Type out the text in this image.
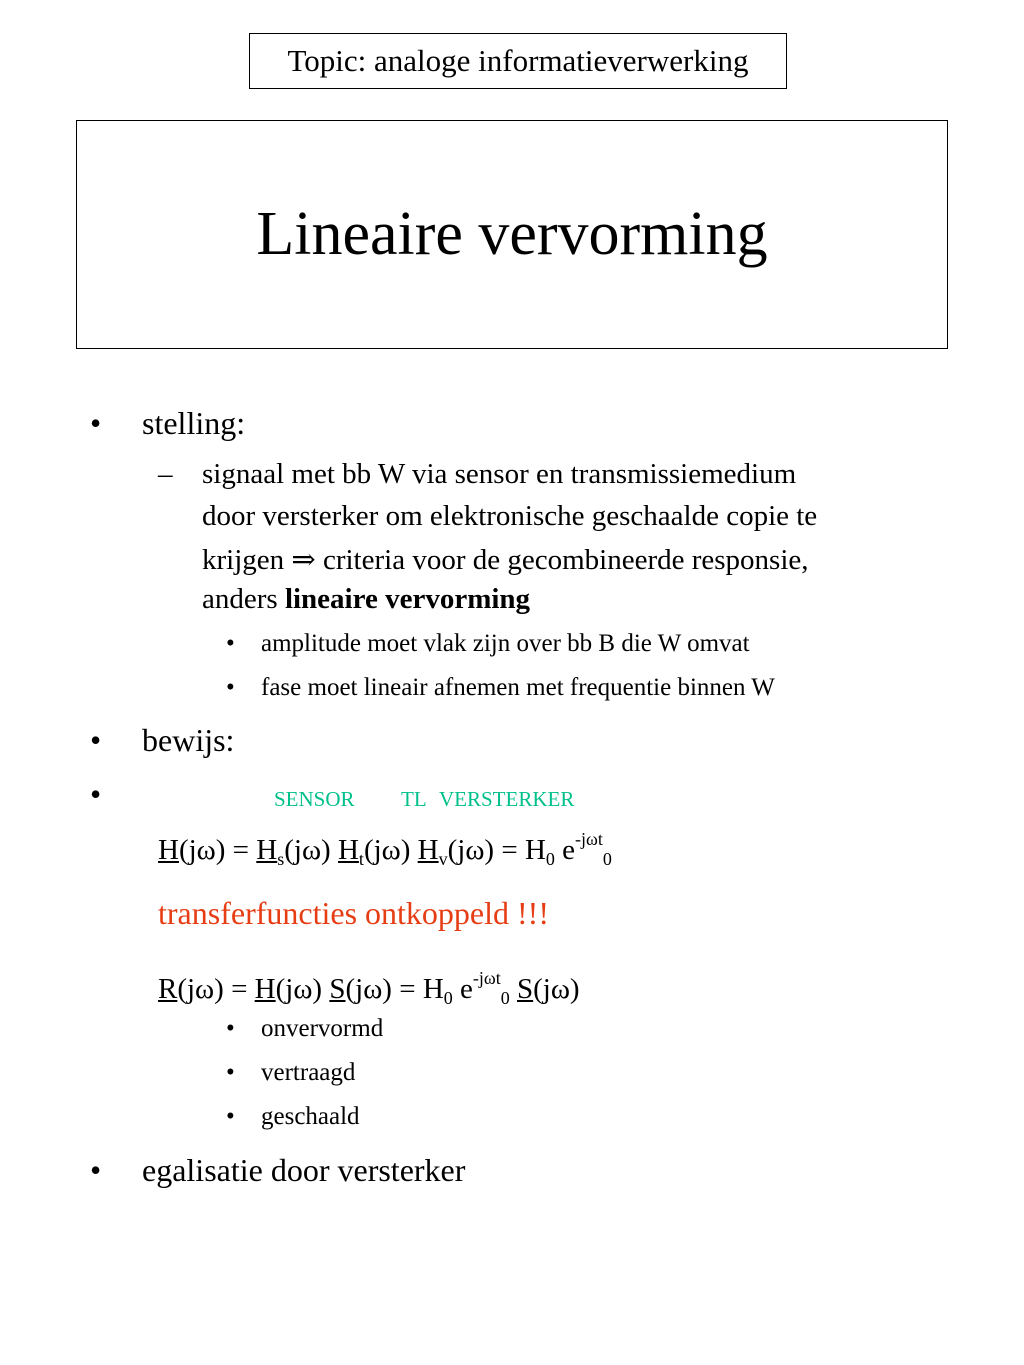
Topic: analoge informatieverwerking
Lineaire vervorming
• stelling:
– signaal met bb W via sensor en transmissiemedium
door versterker om elektronische geschaalde copie te
krijgen ⇒ criteria voor de gecombineerde responsie,
anders lineaire vervorming
• amplitude moet vlak zijn over bb B die W omvat
• fase moet lineair afnemen met frequentie binnen W
• bewijs:
•	SENSOR TL VERSTERKER
$H(j\omega) = H_s(j\omega)$ $H_t(j\omega) H_v(j\omega) = H_0$ $e^{-j\omega t}_0$
transferfuncties ontkoppeld !!!
R(jω) = H(jω) $S(j\omega) = H_0$ $e^{-j\omega t}_0$ S(jω)
• onvervormd
• vertraagd
• geschaald
• egalisatie door versterker
